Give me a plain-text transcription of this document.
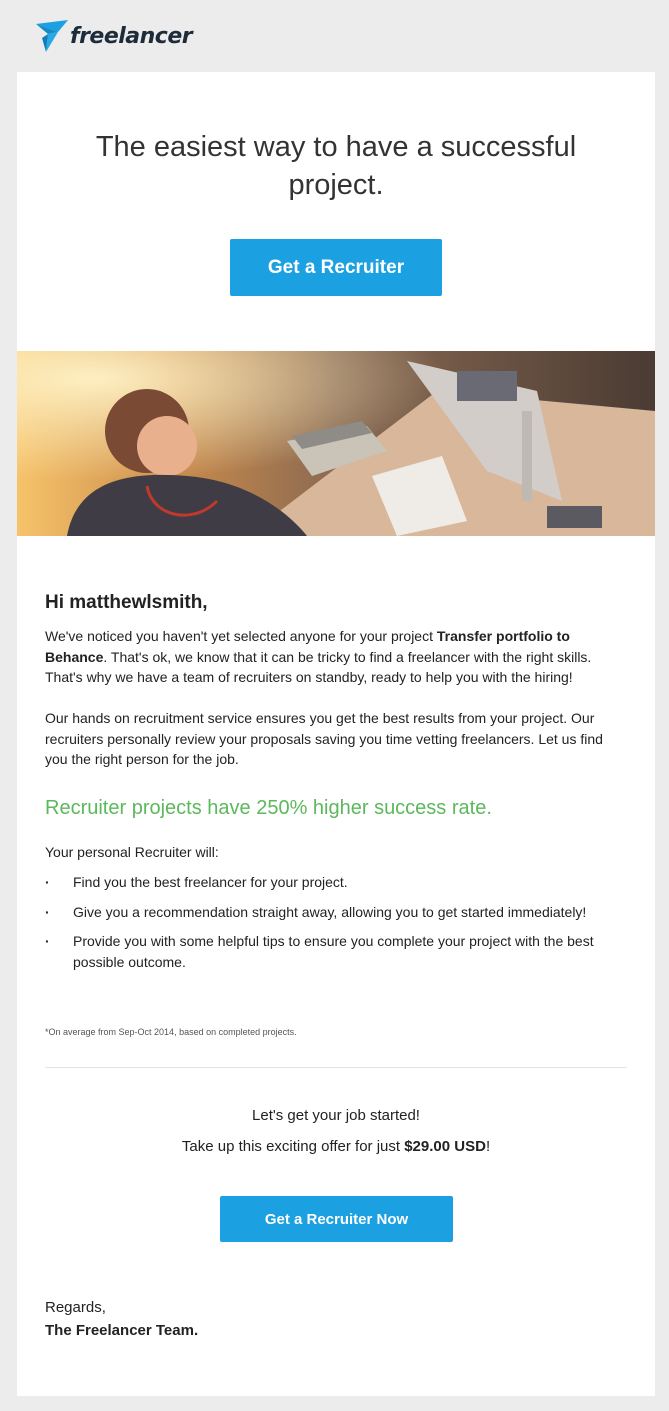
freelancer
The easiest way to have a successful project.
Get a Recruiter
Hi matthewlsmith,

We've noticed you haven't yet selected anyone for your project Transfer portfolio to Behance. That's ok, we know that it can be tricky to find a freelancer with the right skills. That's why we have a team of recruiters on standby, ready to help you with the hiring!

Our hands on recruitment service ensures you get the best results from your project. Our recruiters personally review your proposals saving you time vetting freelancers. Let us find you the right person for the job.

Recruiter projects have 250% higher success rate.

Your personal Recruiter will:

· Find you the best freelancer for your project.
· Give you a recommendation straight away, allowing you to get started immediately!
· Provide you with some helpful tips to ensure you complete your project with the best possible outcome.

*On average from Sep-Oct 2014, based on completed projects.

Let's get your job started!

Take up this exciting offer for just $29.00 USD!

Get a Recruiter Now

Regards,

The Freelancer Team.
